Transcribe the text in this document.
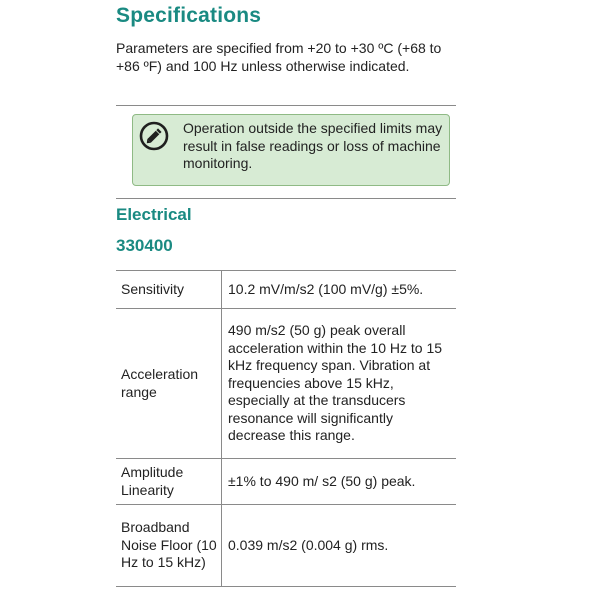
Specifications
Parameters are specified from +20 to +30 ºC (+68 to +86 ºF) and 100 Hz unless otherwise indicated.
Operation outside the specified limits may result in false readings or loss of machine monitoring.
Electrical
330400
Sensitivity	10.2 mV/m/s2 (100 mV/g) ±5%.
Acceleration range	490 m/s2 (50 g) peak overall acceleration within the 10 Hz to 15 kHz frequency span. Vibration at frequencies above 15 kHz, especially at the transducers resonance will significantly decrease this range.
Amplitude Linearity	±1% to 490 m/ s2 (50 g) peak.
Broadband Noise Floor (10 Hz to 15 kHz)	0.039 m/s2 (0.004 g) rms.
